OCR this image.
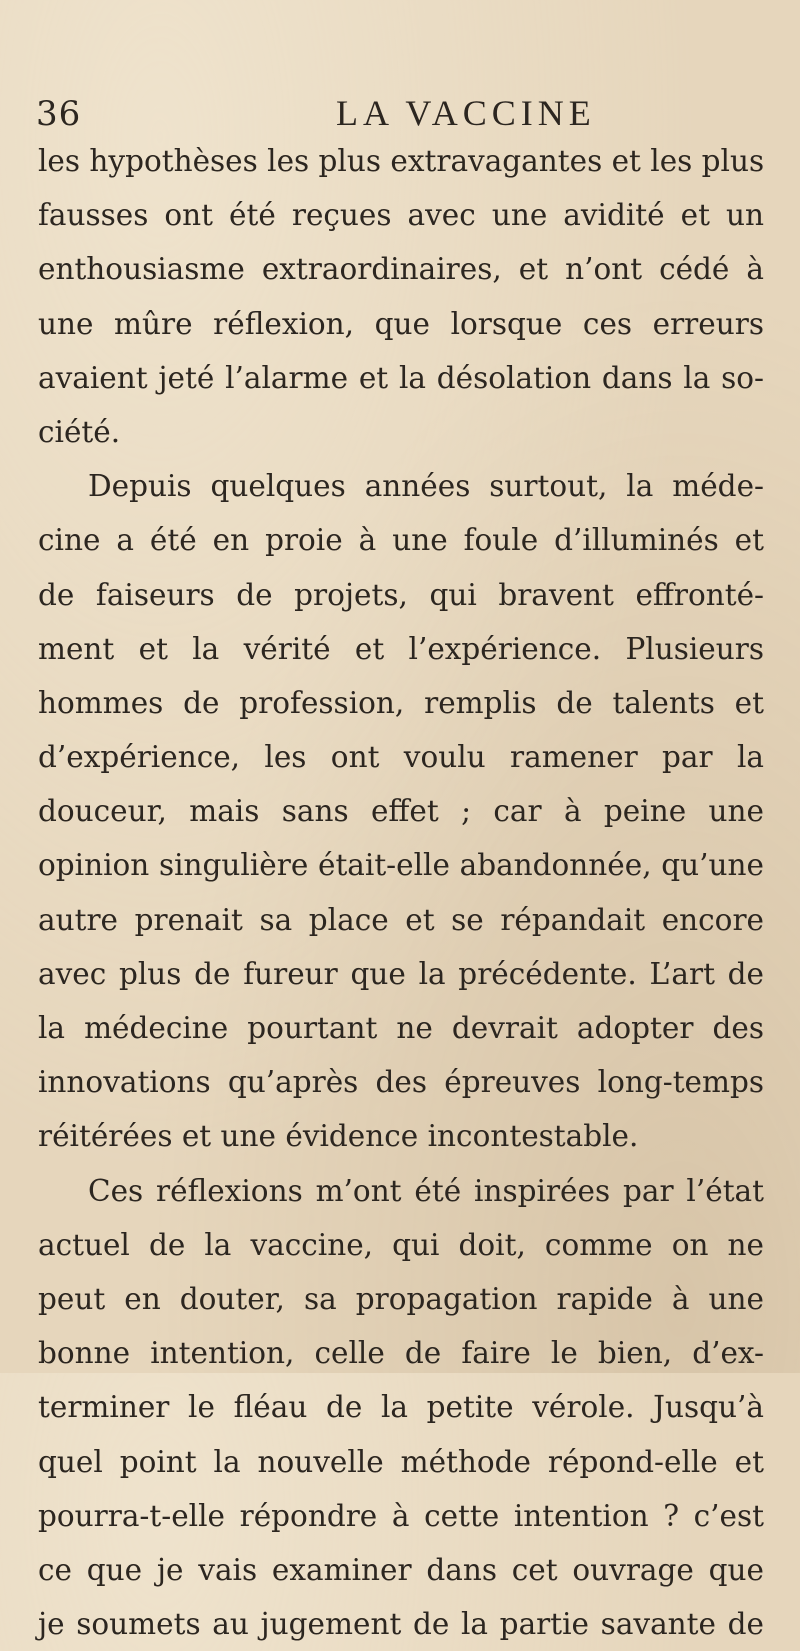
36	LA VACCINE
les hypothèses les plus extravagantes et les plus
fausses ont été reçues avec une avidité et un
enthousiasme extraordinaires, et n’ont cédé à
une mûre réflexion, que lorsque ces erreurs
avaient jeté l’alarme et la désolation dans la so-
ciété.
Depuis quelques années surtout, la méde-
cine a été en proie à une foule d’illuminés et
de faiseurs de projets, qui bravent effronté-
ment et la vérité et l’expérience. Plusieurs
hommes de profession, remplis de talents et
d’expérience, les ont voulu ramener par la
douceur, mais sans effet ; car à peine une
opinion singulière était-elle abandonnée, qu’une
autre prenait sa place et se répandait encore
avec plus de fureur que la précédente. L’art de
la médecine pourtant ne devrait adopter des
innovations qu’après des épreuves long-temps
réitérées et une évidence incontestable.
Ces réflexions m’ont été inspirées par l’état
actuel de la vaccine, qui doit, comme on ne
peut en douter, sa propagation rapide à une
bonne intention, celle de faire le bien, d’ex-
terminer le fléau de la petite vérole. Jusqu’à
quel point la nouvelle méthode répond-elle et
pourra-t-elle répondre à cette intention ? c’est
ce que je vais examiner dans cet ouvrage que
je soumets au jugement de la partie savante de
